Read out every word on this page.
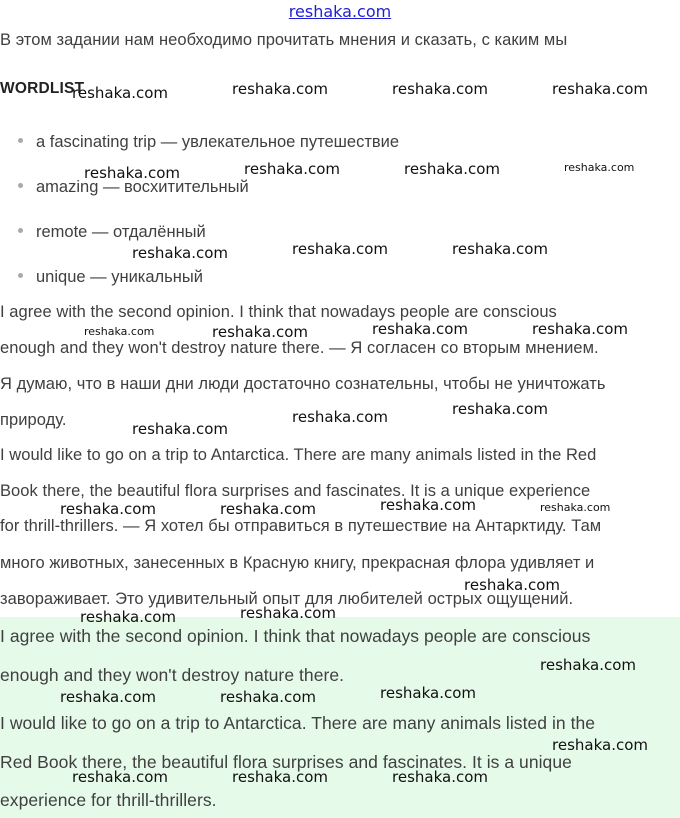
reshaka.com
В этом задании нам необходимо прочитать мнения и сказать, с каким мы
WORDLIST
a fascinating trip — увлекательное путешествие
amazing — восхитительный
remote — отдалённый
unique — уникальный
I agree with the second opinion. I think that nowadays people are conscious
enough and they won't destroy nature there. — Я согласен со вторым мнением.
Я думаю, что в наши дни люди достаточно сознательны, чтобы не уничтожать
природу.
I would like to go on a trip to Antarctica. There are many animals listed in the Red
Book there, the beautiful flora surprises and fascinates. It is a unique experience
for thrill-thrillers. — Я хотел бы отправиться в путешествие на Антарктиду. Там
много животных, занесенных в Красную книгу, прекрасная флора удивляет и
завораживает. Это удивительный опыт для любителей острых ощущений.
I agree with the second opinion. I think that nowadays people are conscious
enough and they won't destroy nature there.
I would like to go on a trip to Antarctica. There are many animals listed in the
Red Book there, the beautiful flora surprises and fascinates. It is a unique
experience for thrill-thrillers.
reshaka.com	reshaka.com	reshaka.com	reshaka.com
reshaka.com	reshaka.com	reshaka.com	reshaka.com
reshaka.com	reshaka.com	reshaka.com
reshaka.com	reshaka.com	reshaka.com	reshaka.com
reshaka.com	reshaka.com
reshaka.com
reshaka.com	reshaka.com	reshaka.com	reshaka.com
reshaka.com
reshaka.com
reshaka.com
reshaka.com
reshaka.com
reshaka.com	reshaka.com
reshaka.com
reshaka.com	reshaka.com	reshaka.com
